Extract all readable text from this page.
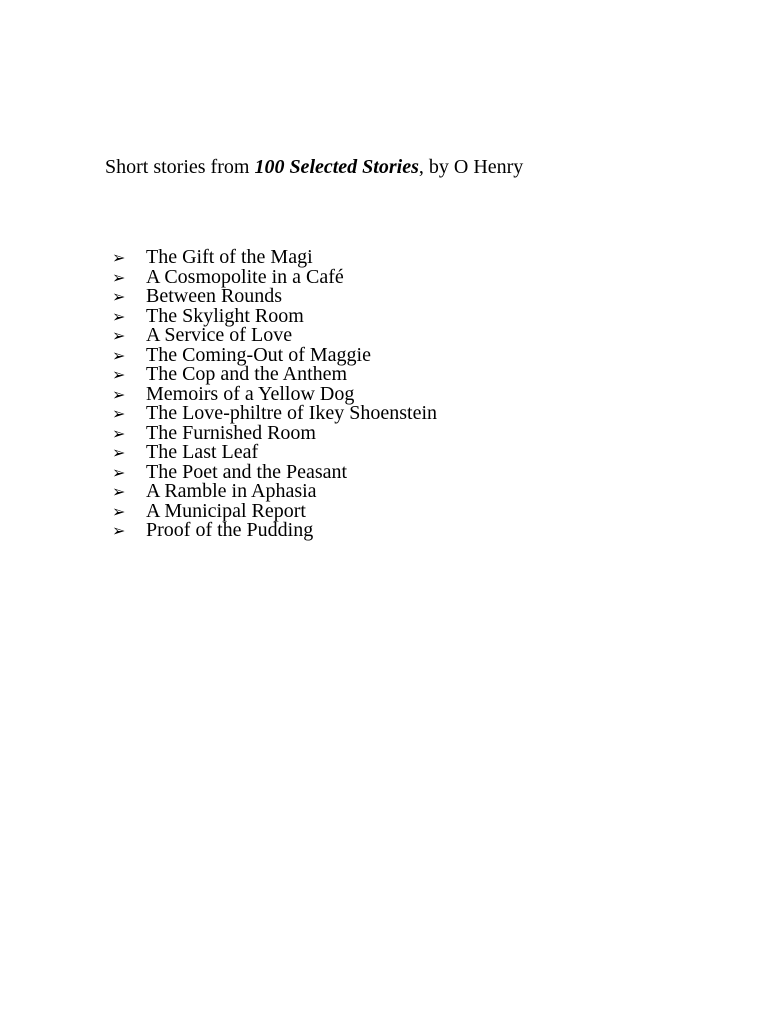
Short stories from 100 Selected Stories, by O Henry
➢ The Gift of the Magi
➢ A Cosmopolite in a Café
➢ Between Rounds
➢ The Skylight Room
➢ A Service of Love
➢ The Coming-Out of Maggie
➢ The Cop and the Anthem
➢ Memoirs of a Yellow Dog
➢ The Love-philtre of Ikey Shoenstein
➢ The Furnished Room
➢ The Last Leaf
➢ The Poet and the Peasant
➢ A Ramble in Aphasia
➢ A Municipal Report
➢ Proof of the Pudding
